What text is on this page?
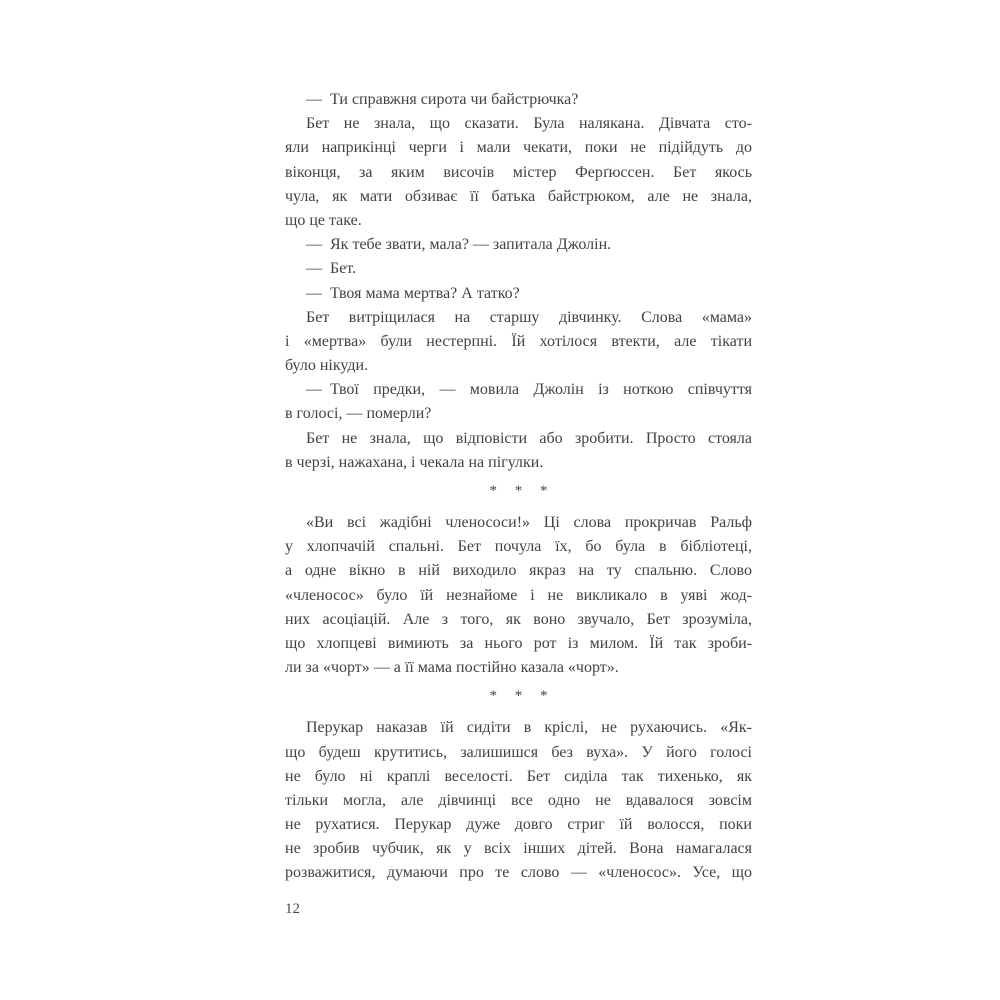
— Ти справжня сирота чи байстрючка?
Бет не знала, що сказати. Була налякана. Дівчата сто-
яли наприкінці черги і мали чекати, поки не підійдуть до
віконця, за яким височів містер Ферґюссен. Бет якось
чула, як мати обзиває її батька байстрюком, але не знала,
що це таке.
— Як тебе звати, мала? — запитала Джолін.
— Бет.
— Твоя мама мертва? А татко?
Бет витріщилася на старшу дівчинку. Слова «мама»
і «мертва» були нестерпні. Їй хотілося втекти, але тікати
було нікуди.
— Твої предки, — мовила Джолін із ноткою співчуття
в голосі, — померли?
Бет не знала, що відповісти або зробити. Просто стояла
в черзі, нажахана, і чекала на пігулки.
* * *
«Ви всі жадібні членососи!» Ці слова прокричав Ральф
у хлопчачій спальні. Бет почула їх, бо була в бібліотеці,
а одне вікно в ній виходило якраз на ту спальню. Слово
«членосос» було їй незнайоме і не викликало в уяві жод-
них асоціацій. Але з того, як воно звучало, Бет зрозуміла,
що хлопцеві вимиють за нього рот із милом. Їй так зроби-
ли за «чорт» — а її мама постійно казала «чорт».
* * *
Перукар наказав їй сидіти в кріслі, не рухаючись. «Як-
що будеш крутитись, залишишся без вуха». У його голосі
не було ні краплі веселості. Бет сиділа так тихенько, як
тільки могла, але дівчинці все одно не вдавалося зовсім
не рухатися. Перукар дуже довго стриг їй волосся, поки
не зробив чубчик, як у всіх інших дітей. Вона намагалася
розважитися, думаючи про те слово — «членосос». Усе, що
12
